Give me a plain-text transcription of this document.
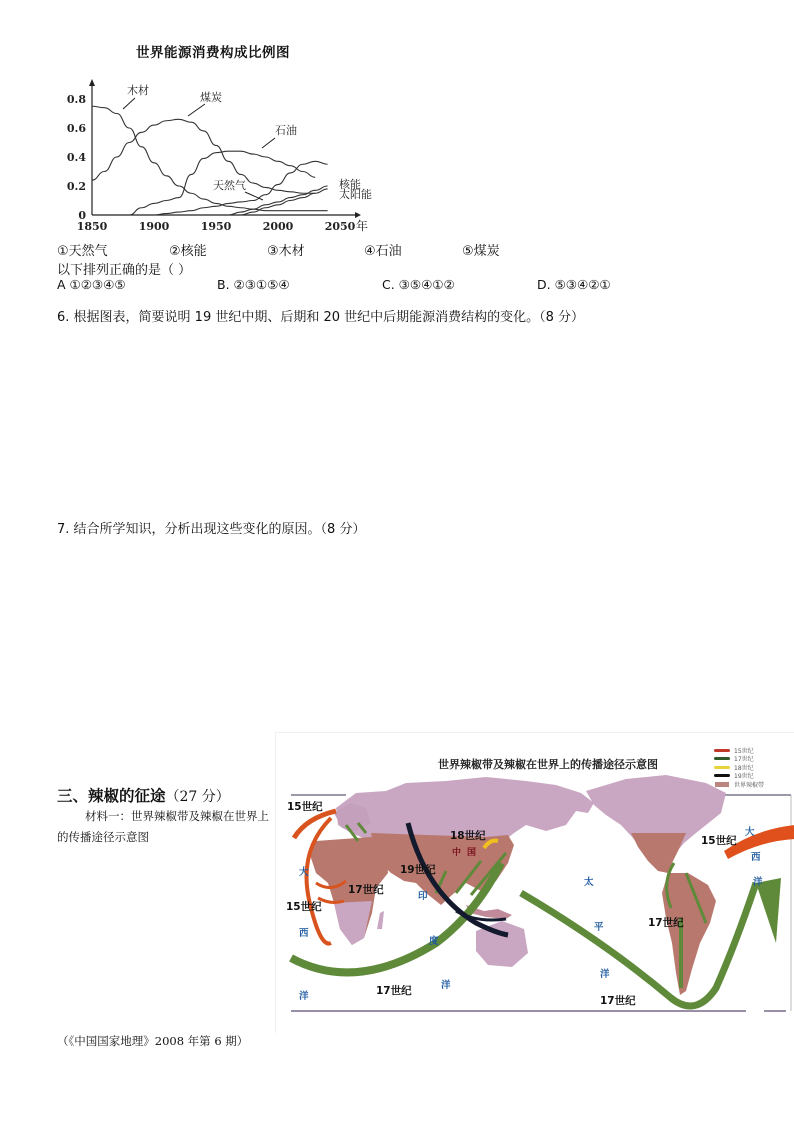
世界能源消费构成比例图
0
0.2
0.4
0.6
0.8
1850	1900	1950	2000	2050 年
木材
煤炭
石油
天然气	核能
太阳能
①天然气	②核能	③木材	④石油	⑤煤炭
以下排列正确的是（ ）
A ①②③④⑤	B. ②③①⑤④	C. ③⑤④①②	D. ⑤③④②①
6. 根据图表，简要说明 19 世纪中期、后期和 20 世纪中后期能源消费结构的变化。（8 分）
7. 结合所学知识，分析出现这些变化的原因。（8 分）
三、辣椒的征途（27 分）
材料一：世界辣椒带及辣椒在世界上的传播途径示意图
（《中国国家地理》2008 年第 6 期）
世界辣椒带及辣椒在世界上的传播途径示意图
15世纪
17世纪
18世纪
19世纪
世界辣椒带
15世纪
15世纪
15世纪
17世纪
17世纪
17世纪
17世纪
18世纪
19世纪
中国
大
西
洋
印
度
洋
太
平
洋
大
西
洋
